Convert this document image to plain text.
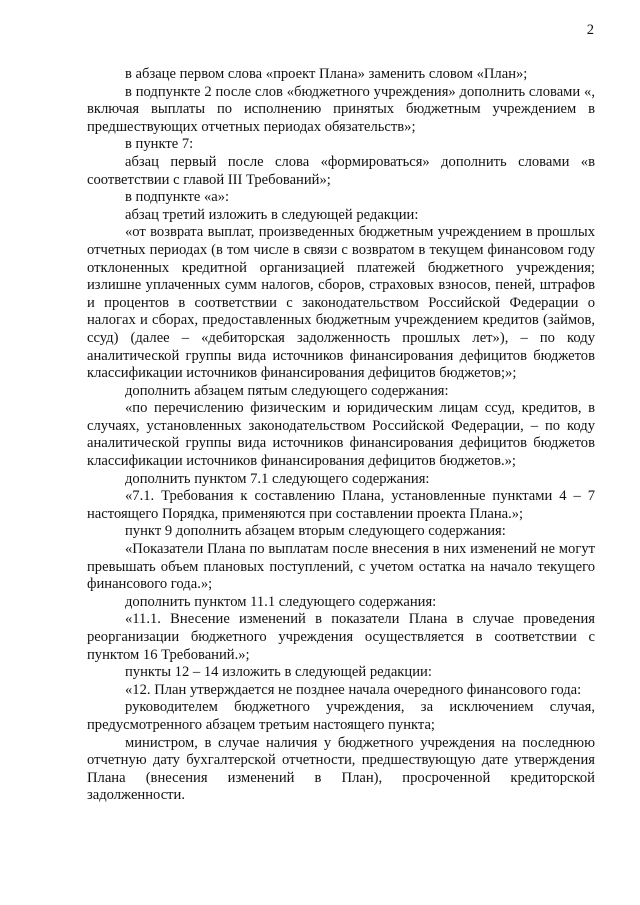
2

в абзаце первом слова «проект Плана» заменить словом «План»;

в подпункте 2 после слов «бюджетного учреждения» дополнить словами «, включая выплаты по исполнению принятых бюджетным учреждением в предшествующих отчетных периодах обязательств»;

в пункте 7:

абзац первый после слова «формироваться» дополнить словами «в соответствии с главой III Требований»;

в подпункте «а»:

абзац третий изложить в следующей редакции:

«от возврата выплат, произведенных бюджетным учреждением в прошлых отчетных периодах (в том числе в связи с возвратом в текущем финансовом году отклоненных кредитной организацией платежей бюджетного учреждения; излишне уплаченных сумм налогов, сборов, страховых взносов, пеней, штрафов и процентов в соответствии с законодательством Российской Федерации о налогах и сборах, предоставленных бюджетным учреждением кредитов (займов, ссуд) (далее – «дебиторская задолженность прошлых лет»), – по коду аналитической группы вида источников финансирования дефицитов бюджетов классификации источников финансирования дефицитов бюджетов;»;

дополнить абзацем пятым следующего содержания:

«по перечислению физическим и юридическим лицам ссуд, кредитов, в случаях, установленных законодательством Российской Федерации, – по коду аналитической группы вида источников финансирования дефицитов бюджетов классификации источников финансирования дефицитов бюджетов.»;

дополнить пунктом 7.1 следующего содержания:

«7.1. Требования к составлению Плана, установленные пунктами 4 – 7 настоящего Порядка, применяются при составлении проекта Плана.»;

пункт 9 дополнить абзацем вторым следующего содержания:

«Показатели Плана по выплатам после внесения в них изменений не могут превышать объем плановых поступлений, с учетом остатка на начало текущего финансового года.»;

дополнить пунктом 11.1 следующего содержания:

«11.1. Внесение изменений в показатели Плана в случае проведения реорганизации бюджетного учреждения осуществляется в соответствии с пунктом 16 Требований.»;

пункты 12 – 14 изложить в следующей редакции:

«12. План утверждается не позднее начала очередного финансового года:

руководителем бюджетного учреждения, за исключением случая, предусмотренного абзацем третьим настоящего пункта;

министром, в случае наличия у бюджетного учреждения на последнюю отчетную дату бухгалтерской отчетности, предшествующую дате утверждения Плана (внесения изменений в План), просроченной кредиторской задолженности.
